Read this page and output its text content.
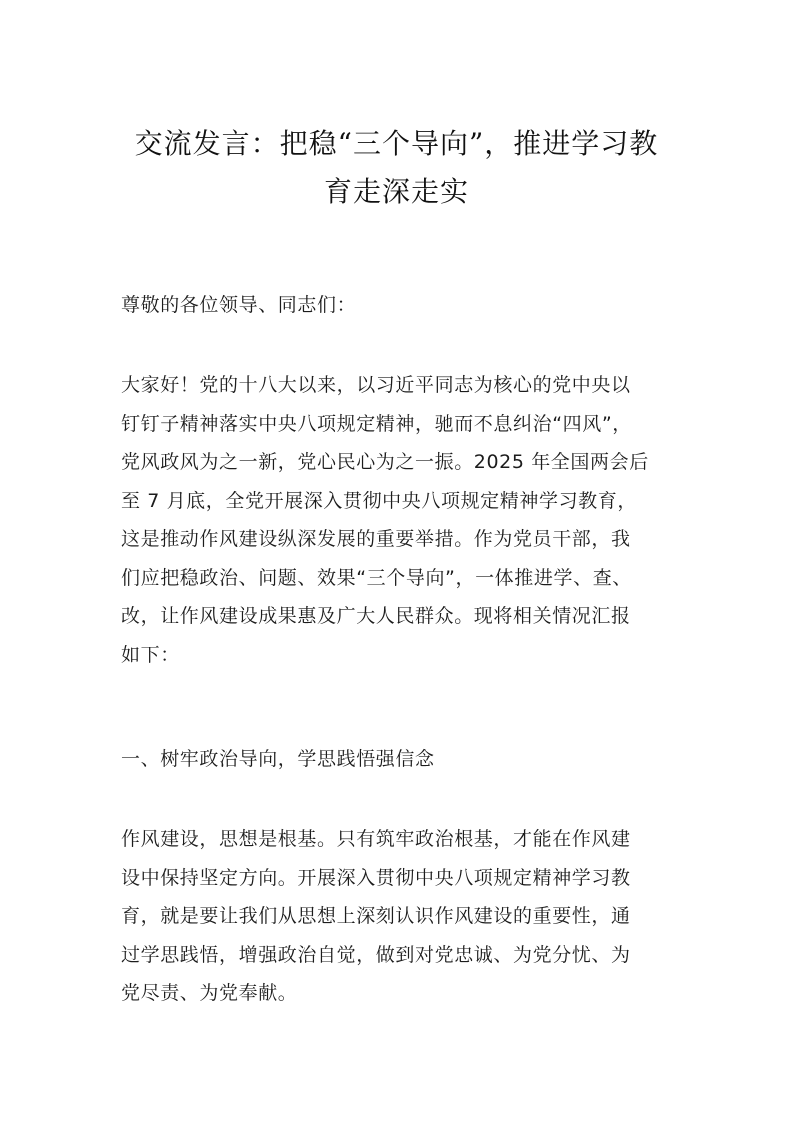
交流发言：把稳“三个导向”，推进学习教
育走深走实
尊敬的各位领导、同志们：
大家好！党的十八大以来，以习近平同志为核心的党中央以
钉钉子精神落实中央八项规定精神，驰而不息纠治“四风”，
党风政风为之一新，党心民心为之一振。2025 年全国两会后
至 7 月底，全党开展深入贯彻中央八项规定精神学习教育，
这是推动作风建设纵深发展的重要举措。作为党员干部，我
们应把稳政治、问题、效果“三个导向”，一体推进学、查、
改，让作风建设成果惠及广大人民群众。现将相关情况汇报
如下：
一、树牢政治导向，学思践悟强信念
作风建设，思想是根基。只有筑牢政治根基，才能在作风建
设中保持坚定方向。开展深入贯彻中央八项规定精神学习教
育，就是要让我们从思想上深刻认识作风建设的重要性，通
过学思践悟，增强政治自觉，做到对党忠诚、为党分忧、为
党尽责、为党奉献。
